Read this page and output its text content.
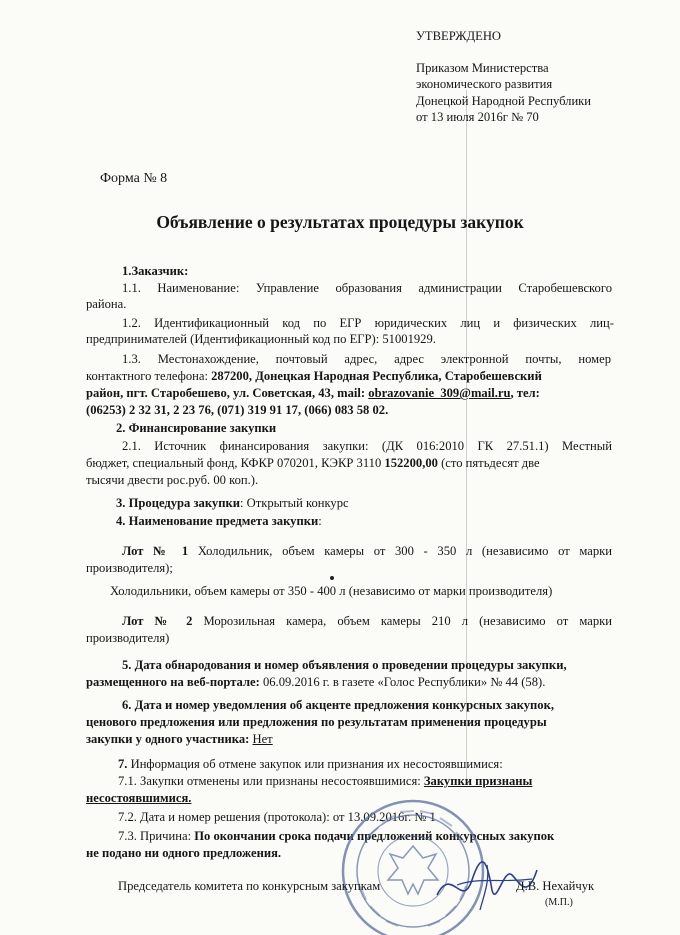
УТВЕРЖДЕНО
Приказом Министерства
экономического развития
Донецкой Народной Республики
от 13 июля 2016г № 70
Форма № 8
Объявление о результатах процедуры закупок
1.Заказчик:
1.1. Наименование: Управление образования администрации Старобешевского
района.
1.2. Идентификационный код по ЕГР юридических лиц и физических лиц-
предпринимателей (Идентификационный код по ЕГР): 51001929.
1.3. Местонахождение, почтовый адрес, адрес электронной почты, номер
контактного телефона: 287200, Донецкая Народная Республика, Старобешевский
район, пгт. Старобешево, ул. Советская, 43, mail: obrazovanie_309@mail.ru, тел:
(06253) 2 32 31, 2 23 76, (071) 319 91 17, (066) 083 58 02.
2. Финансирование закупки
2.1. Источник финансирования закупки: (ДК 016:2010 ГК 27.51.1) Местный
бюджет, специальный фонд, КФКР 070201, КЭКР 3110 152200,00 (сто пятьдесят две
тысячи двести рос.руб. 00 коп.).
3. Процедура закупки: Открытый конкурс
4. Наименование предмета закупки:
Лот № 1 Холодильник, объем камеры от 300 - 350 л (независимо от марки
производителя);
Холодильники, объем камеры от 350 - 400 л (независимо от марки производителя)
Лот № 2 Морозильная камера, объем камеры 210 л (независимо от марки
производителя)
5. Дата обнародования и номер объявления о проведении процедуры закупки,
размещенного на веб-портале: 06.09.2016 г. в газете «Голос Республики» № 44 (58).
6. Дата и номер уведомления об акценте предложения конкурсных закупок,
ценового предложения или предложения по результатам применения процедуры
закупки у одного участника: Нет
7. Информация об отмене закупок или признания их несостоявшимися:
7.1. Закупки отменены или признаны несостоявшимися: Закупки признаны
несостоявшимися.
7.2. Дата и номер решения (протокола): от 13.09.2016г. № 1
7.3. Причина: По окончании срока подачи предложений конкурсных закупок
не подано ни одного предложения.
Председатель комитета по конкурсным закупкам	Д.В. Нехайчук
(М.П.)
